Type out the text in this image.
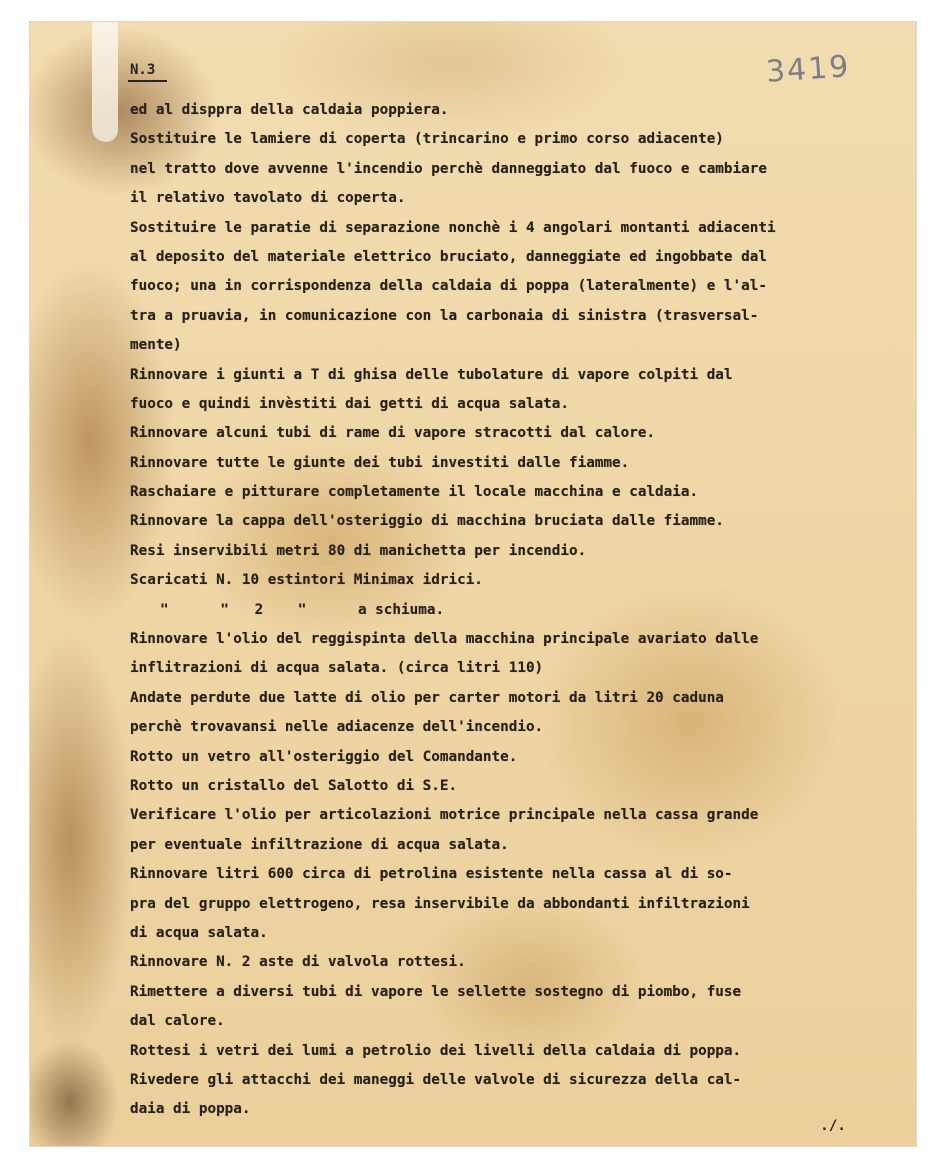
N.3	3419
ed al disppra della caldaia poppiera.
Sostituire le lamiere di coperta (trincarino e primo corso adiacente)
nel tratto dove avvenne l'incendio perchè danneggiato dal fuoco e cambiare
il relativo tavolato di coperta.
Sostituire le paratie di separazione nonchè i 4 angolari montanti adiacenti
al deposito del materiale elettrico bruciato, danneggiate ed ingobbate dal
fuoco; una in corrispondenza della caldaia di poppa (lateralmente) e l'al-
tra a pruavia, in comunicazione con la carbonaia di sinistra (trasversal-
mente)
Rinnovare i giunti a T di ghisa delle tubolature di vapore colpiti dal
fuoco e quindi invèstiti dai getti di acqua salata.
Rinnovare alcuni tubi di rame di vapore stracotti dal calore.
Rinnovare tutte le giunte dei tubi investiti dalle fiamme.
Raschaiare e pitturare completamente il locale macchina e caldaia.
Rinnovare la cappa dell'osteriggio di macchina bruciata dalle fiamme.
Resi inservibili metri 80 di manichetta per incendio.
Scaricati N. 10 estintori Minimax idrici.
"      "   2    "      a schiuma.
Rinnovare l'olio del reggispinta della macchina principale avariato dalle
inflitrazioni di acqua salata. (circa litri 110)
Andate perdute due latte di olio per carter motori da litri 20 caduna
perchè trovavansi nelle adiacenze dell'incendio.
Rotto un vetro all'osteriggio del Comandante.
Rotto un cristallo del Salotto di S.E.
Verificare l'olio per articolazioni motrice principale nella cassa grande
per eventuale infiltrazione di acqua salata.
Rinnovare litri 600 circa di petrolina esistente nella cassa al di so-
pra del gruppo elettrogeno, resa inservibile da abbondanti infiltrazioni
di acqua salata.
Rinnovare N. 2 aste di valvola rottesi.
Rimettere a diversi tubi di vapore le sellette sostegno di piombo, fuse
dal calore.
Rottesi i vetri dei lumi a petrolio dei livelli della caldaia di poppa.
Rivedere gli attacchi dei maneggi delle valvole di sicurezza della cal-
daia di poppa.
./.
